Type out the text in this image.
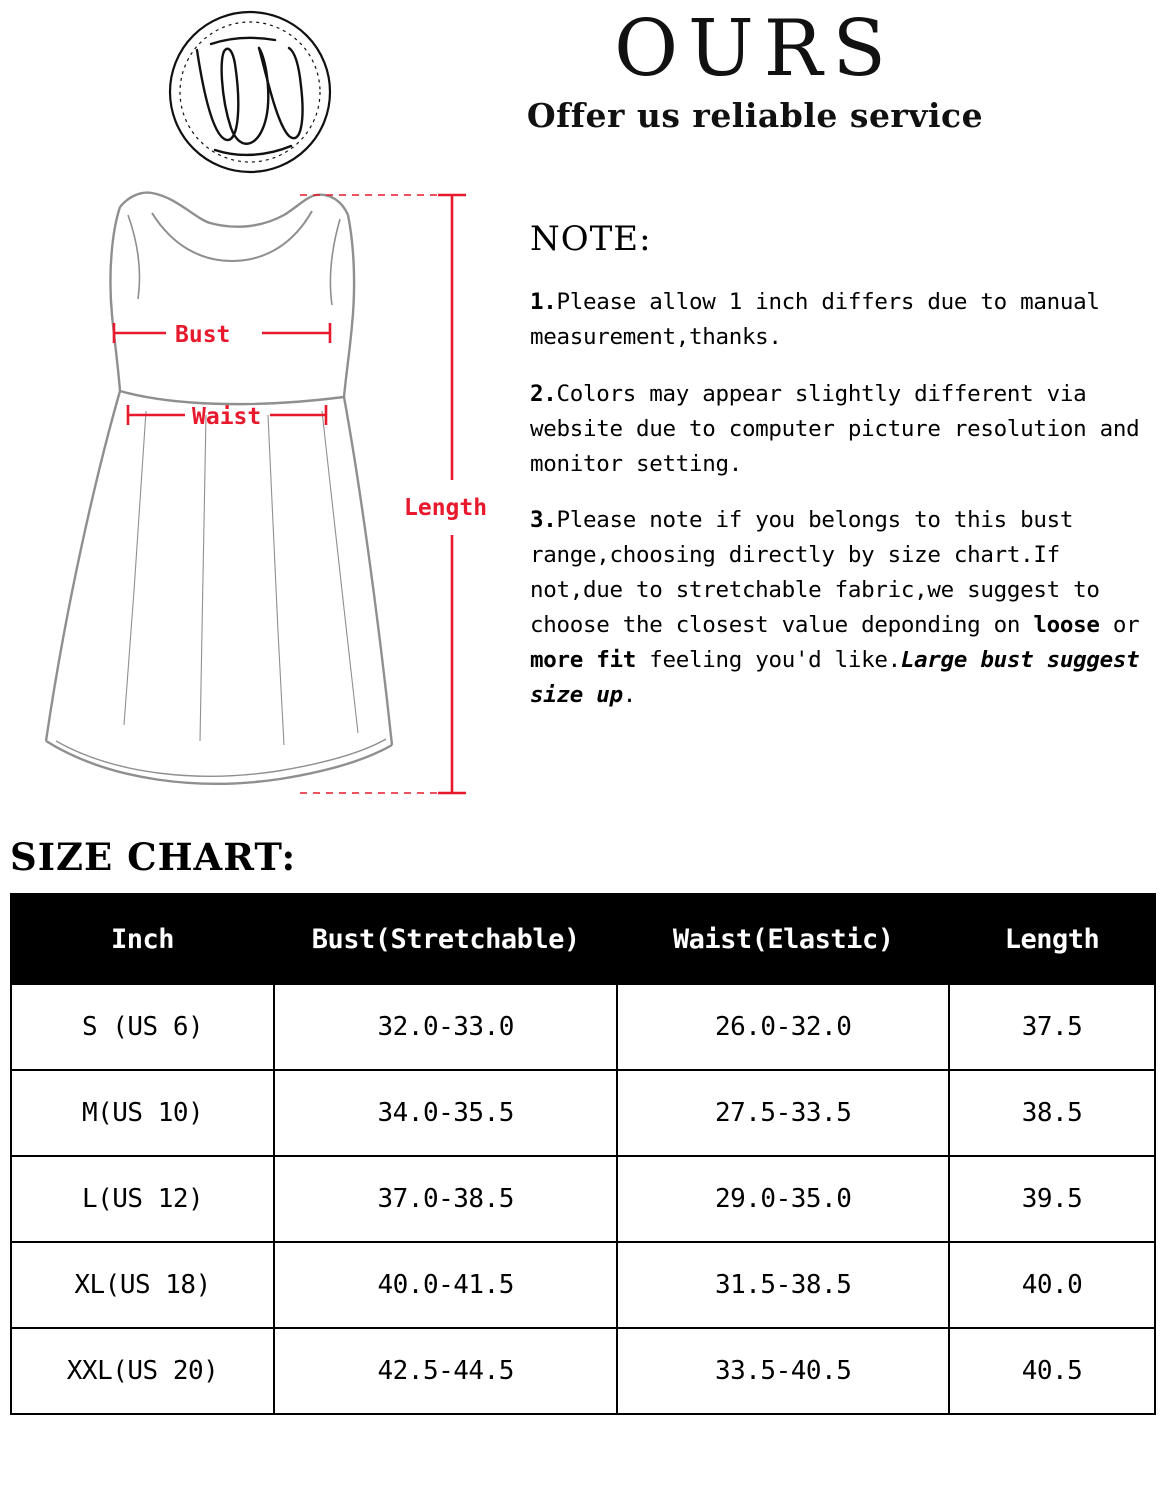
OURS
Offer us reliable service
Bust
Waist
Length
NOTE:

1.Please allow 1 inch differs due to manual measurement,thanks.

2.Colors may appear slightly different via website due to computer picture resolution and monitor setting.

3.Please note if you belongs to this bust range,choosing directly by size chart.If not,due to stretchable fabric,we suggest to choose the closest value deponding on loose or more fit feeling you'd like.Large bust suggest size up.

SIZE CHART:
Inch	Bust(Stretchable)	Waist(Elastic)	Length
S (US 6)	32.0-33.0	26.0-32.0	37.5
M(US 10)	34.0-35.5	27.5-33.5	38.5
L(US 12)	37.0-38.5	29.0-35.0	39.5
XL(US 18)	40.0-41.5	31.5-38.5	40.0
XXL(US 20)	42.5-44.5	33.5-40.5	40.5
